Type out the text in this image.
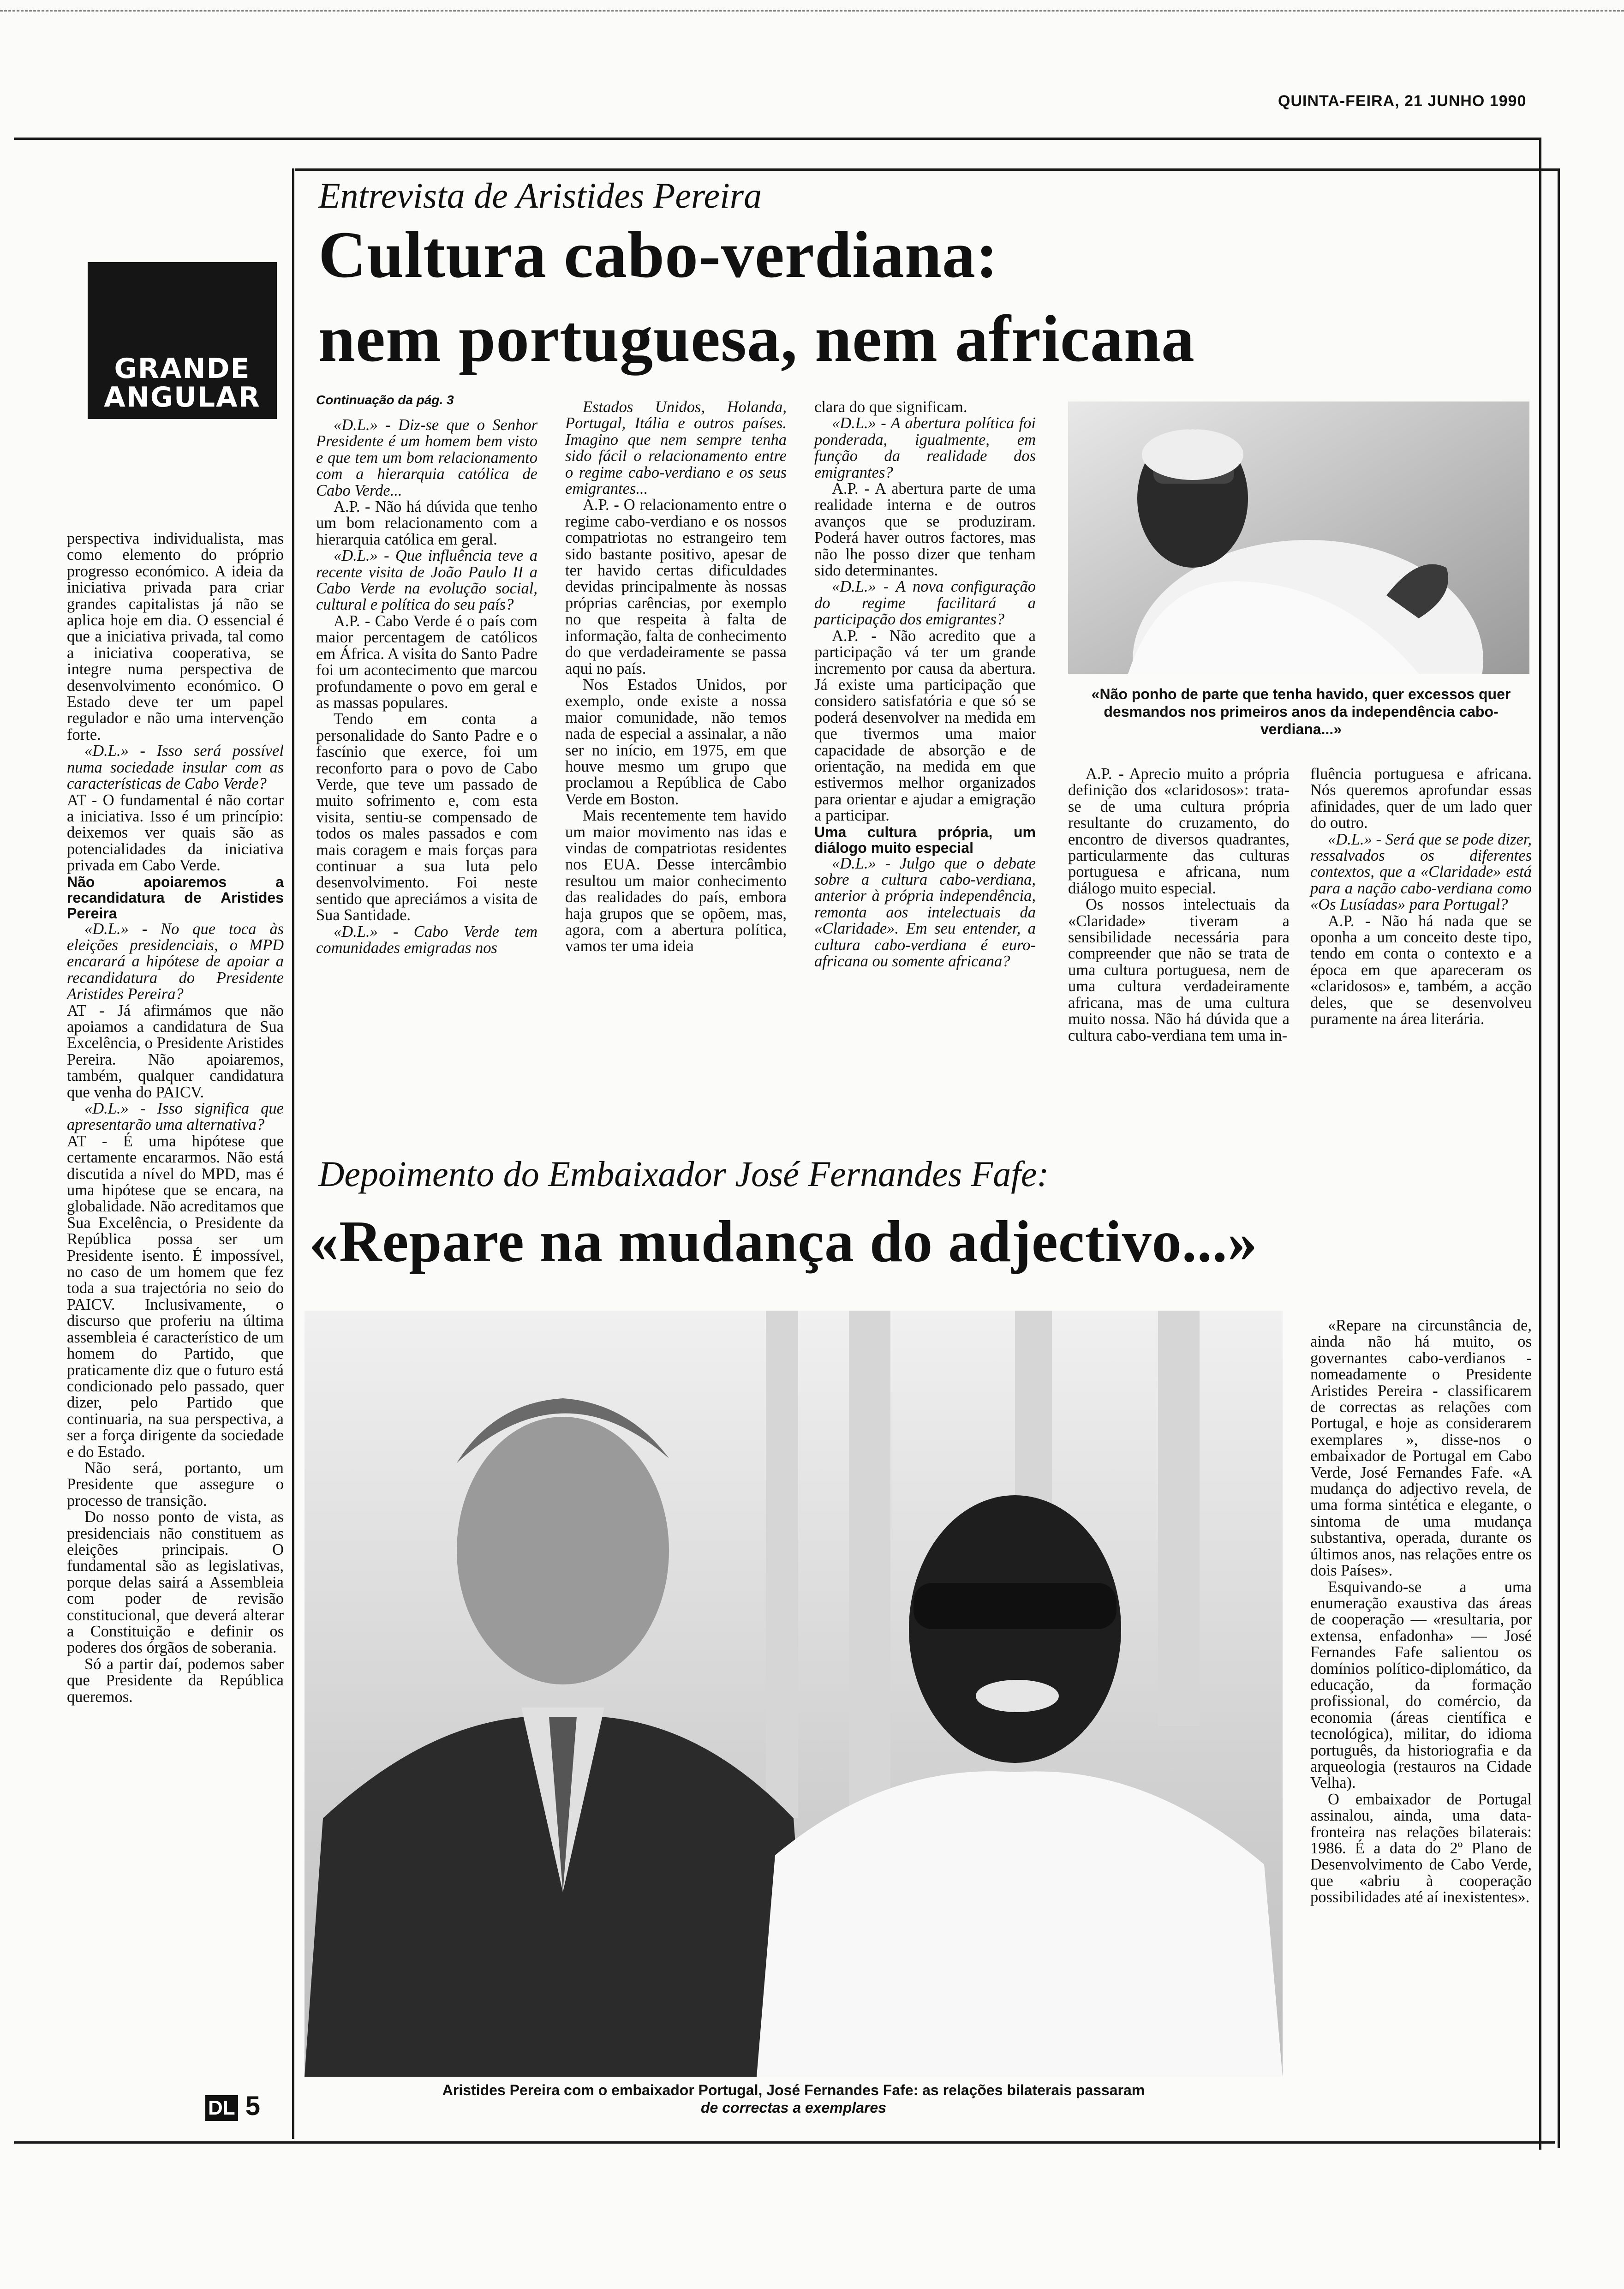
QUINTA-FEIRA, 21 JUNHO 1990
GRANDE
ANGULAR
Entrevista de Aristides Pereira
Cultura cabo-verdiana:
nem portuguesa, nem africana

perspectiva individualista, mas como elemento do próprio progresso económico. A ideia da iniciativa privada para criar grandes capitalistas já não se aplica hoje em dia. O essencial é que a iniciativa privada, tal como a iniciativa cooperativa, se integre numa perspectiva de desenvolvimento económico. O Estado deve ter um papel regulador e não uma intervenção forte.

«D.L.» - Isso será possível numa sociedade insular com as características de Cabo Verde?

AT - O fundamental é não cortar a iniciativa. Isso é um princípio: deixemos ver quais são as potencialidades da iniciativa privada em Cabo Verde.

Não apoiaremos a recandidatura de Aristides Pereira

«D.L.» - No que toca às eleições presidenciais, o MPD encarará a hipótese de apoiar a recandidatura do Presidente Aristides Pereira?

AT - Já afirmámos que não apoiamos a candidatura de Sua Excelência, o Presidente Aristides Pereira. Não apoiaremos, também, qualquer candidatura que venha do PAICV.

«D.L.» - Isso significa que apresentarão uma alternativa?

AT - É uma hipótese que certamente encararmos. Não está discutida a nível do MPD, mas é uma hipótese que se encara, na globalidade. Não acreditamos que Sua Excelência, o Presidente da República possa ser um Presidente isento. É impossível, no caso de um homem que fez toda a sua trajectória no seio do PAICV. Inclusivamente, o discurso que proferiu na última assembleia é característico de um homem do Partido, que praticamente diz que o futuro está condicionado pelo passado, quer dizer, pelo Partido que continuaria, na sua perspectiva, a ser a força dirigente da sociedade e do Estado.

Não será, portanto, um Presidente que assegure o processo de transição.

Do nosso ponto de vista, as presidenciais não constituem as eleições principais. O fundamental são as legislativas, porque delas sairá a Assembleia com poder de revisão constitucional, que deverá alterar a Constituição e definir os poderes dos órgãos de soberania.

Só a partir daí, podemos saber que Presidente da República queremos.

Continuação da pág. 3

«D.L.» - Diz-se que o Senhor Presidente é um homem bem visto e que tem um bom relacionamento com a hierarquia católica de Cabo Verde...

A.P. - Não há dúvida que tenho um bom relacionamento com a hierarquia católica em geral.

«D.L.» - Que influência teve a recente visita de João Paulo II a Cabo Verde na evolução social, cultural e política do seu país?

A.P. - Cabo Verde é o país com maior percentagem de católicos em África. A visita do Santo Padre foi um acontecimento que marcou profundamente o povo em geral e as massas populares.

Tendo em conta a personalidade do Santo Padre e o fascínio que exerce, foi um reconforto para o povo de Cabo Verde, que teve um passado de muito sofrimento e, com esta visita, sentiu-se compensado de todos os males passados e com mais coragem e mais forças para continuar a sua luta pelo desenvolvimento. Foi neste sentido que apreciámos a visita de Sua Santidade.

«D.L.» - Cabo Verde tem comunidades emigradas nos

Estados Unidos, Holanda, Portugal, Itália e outros países. Imagino que nem sempre tenha sido fácil o relacionamento entre o regime cabo-verdiano e os seus emigrantes...

A.P. - O relacionamento entre o regime cabo-verdiano e os nossos compatriotas no estrangeiro tem sido bastante positivo, apesar de ter havido certas dificuldades devidas principalmente às nossas próprias carências, por exemplo no que respeita à falta de informação, falta de conhecimento do que verdadeiramente se passa aqui no país.

Nos Estados Unidos, por exemplo, onde existe a nossa maior comunidade, não temos nada de especial a assinalar, a não ser no início, em 1975, em que houve mesmo um grupo que proclamou a República de Cabo Verde em Boston.

Mais recentemente tem havido um maior movimento nas idas e vindas de compatriotas residentes nos EUA. Desse intercâmbio resultou um maior conhecimento das realidades do país, embora haja grupos que se opõem, mas, agora, com a abertura política, vamos ter uma ideia

clara do que significam.

«D.L.» - A abertura política foi ponderada, igualmente, em função da realidade dos emigrantes?

A.P. - A abertura parte de uma realidade interna e de outros avanços que se produziram. Poderá haver outros factores, mas não lhe posso dizer que tenham sido determinantes.

«D.L.» - A nova configuração do regime facilitará a participação dos emigrantes?

A.P. - Não acredito que a participação vá ter um grande incremento por causa da abertura. Já existe uma participação que considero satisfatória e que só se poderá desenvolver na medida em que tivermos uma maior capacidade de absorção e de orientação, na medida em que estivermos melhor organizados para orientar e ajudar a emigração a participar.

Uma cultura própria, um diálogo muito especial

«D.L.» - Julgo que o debate sobre a cultura cabo-verdiana, anterior à própria independência, remonta aos intelectuais da «Claridade». Em seu entender, a cultura cabo-verdiana é euro-africana ou somente africana?

«Não ponho de parte que tenha havido, quer excessos quer desmandos nos primeiros anos da independência cabo-verdiana...»

A.P. - Aprecio muito a própria definição dos «claridosos»: trata-se de uma cultura própria resultante do cruzamento, do encontro de diversos quadrantes, particularmente das culturas portuguesa e africana, num diálogo muito especial.

Os nossos intelectuais da «Claridade» tiveram a sensibilidade necessária para compreender que não se trata de uma cultura portuguesa, nem de uma cultura verdadeiramente africana, mas de uma cultura muito nossa. Não há dúvida que a cultura cabo-verdiana tem uma in-

fluência portuguesa e africana. Nós queremos aprofundar essas afinidades, quer de um lado quer do outro.

«D.L.» - Será que se pode dizer, ressalvados os diferentes contextos, que a «Claridade» está para a nação cabo-verdiana como «Os Lusíadas» para Portugal?

A.P. - Não há nada que se oponha a um conceito deste tipo, tendo em conta o contexto e a época em que apareceram os «claridosos» e, também, a acção deles, que se desenvolveu puramente na área literária.

Depoimento do Embaixador José Fernandes Fafe:
«Repare na mudança do adjectivo...»
Aristides Pereira com o embaixador Portugal, José Fernandes Fafe: as relações bilaterais passaram
de correctas a exemplares

«Repare na circunstância de, ainda não há muito, os governantes cabo-verdianos - nomeadamente o Presidente Aristides Pereira - classificarem de correctas as relações com Portugal, e hoje as considerarem exemplares », disse-nos o embaixador de Portugal em Cabo Verde, José Fernandes Fafe. «A mudança do adjectivo revela, de uma forma sintética e elegante, o sintoma de uma mudança substantiva, operada, durante os últimos anos, nas relações entre os dois Países».

Esquivando-se a uma enumeração exaustiva das áreas de cooperação — «resultaria, por extensa, enfadonha» — José Fernandes Fafe salientou os domínios político-diplomático, da educação, da formação profissional, do comércio, da economia (áreas científica e tecnológica), militar, do idioma português, da historiografia e da arqueologia (restauros na Cidade Velha).

O embaixador de Portugal assinalou, ainda, uma data-fronteira nas relações bilaterais: 1986. É a data do 2º Plano de Desenvolvimento de Cabo Verde, que «abriu à cooperação possibilidades até aí inexistentes».

DL 5
